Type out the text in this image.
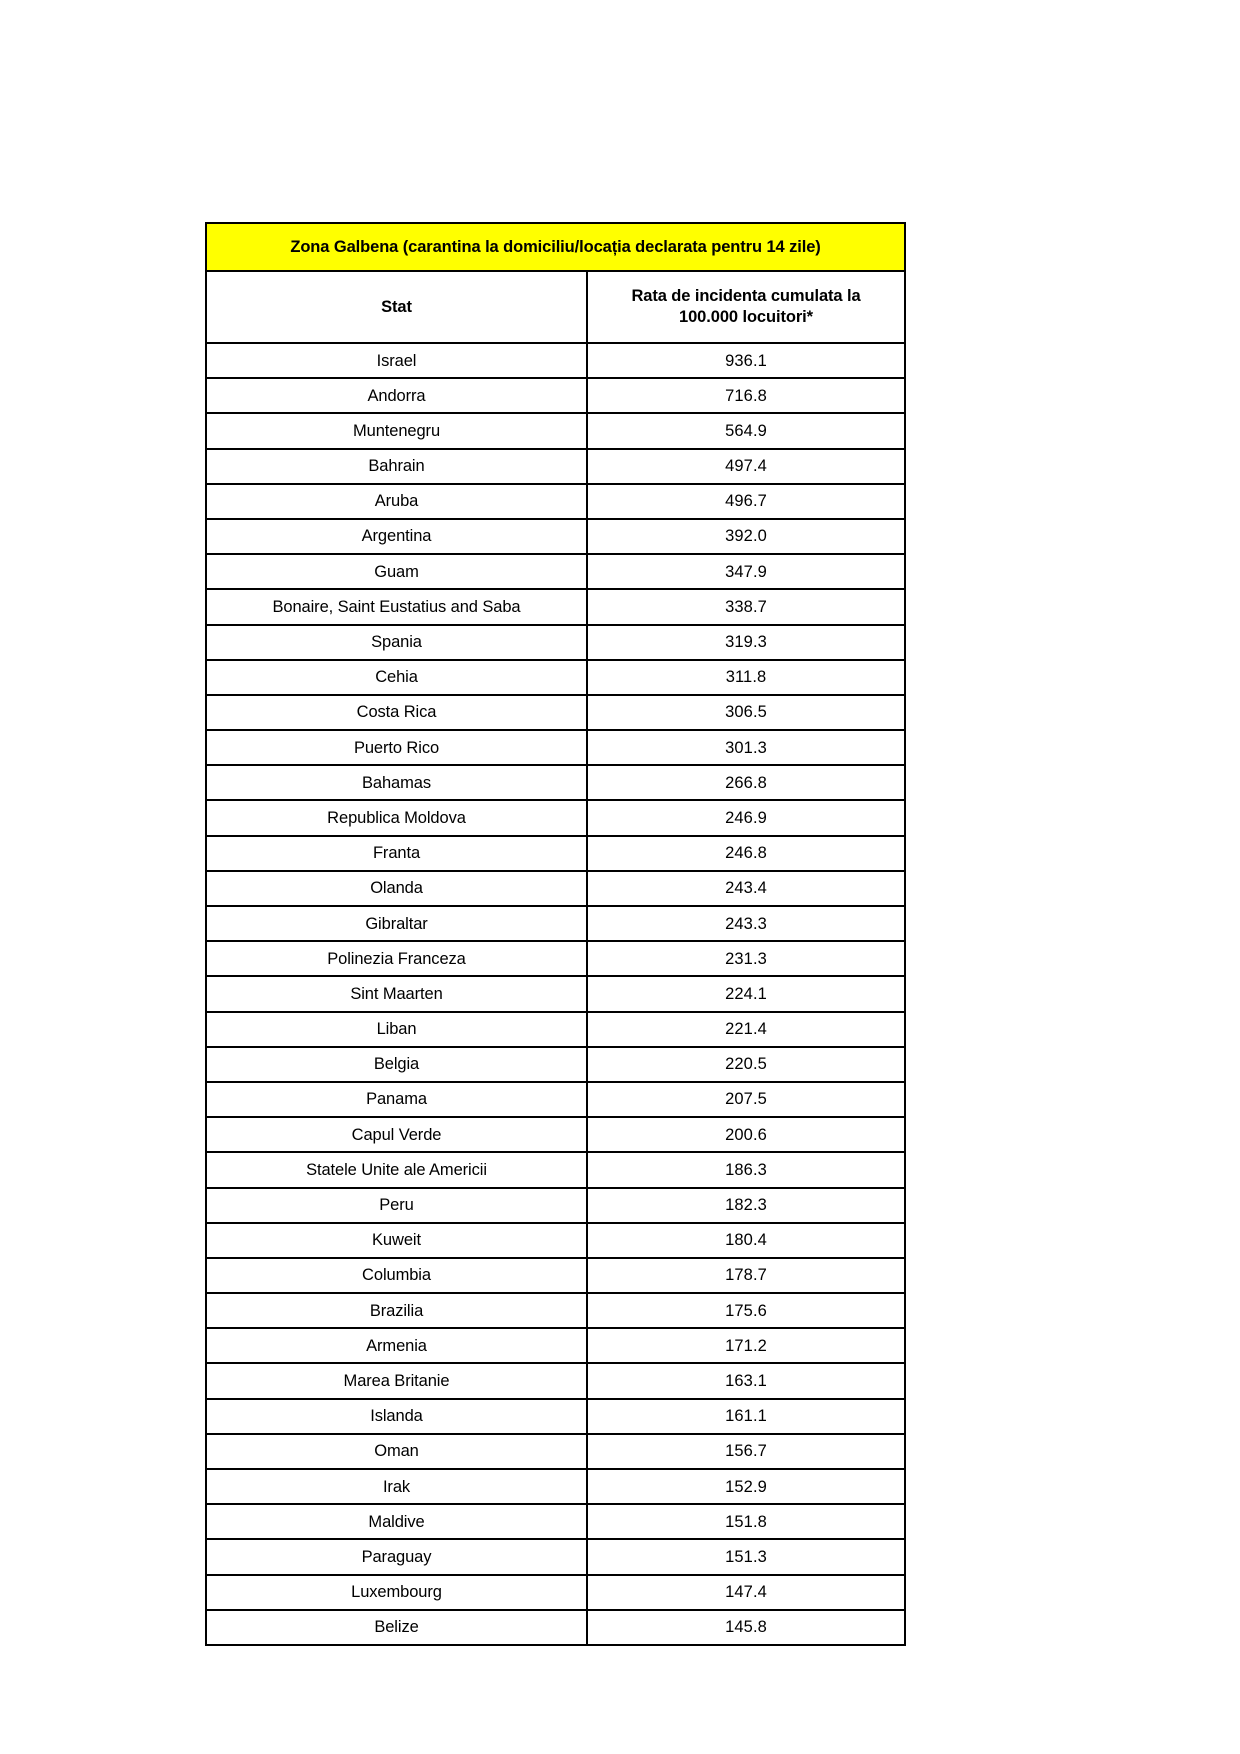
Zona Galbena (carantina la domiciliu/locația declarata pentru 14 zile)	
Stat	Rata de incidenta cumulata la
100.000 locuitori*
Israel	936.1
Andorra	716.8
Muntenegru	564.9
Bahrain	497.4
Aruba	496.7
Argentina	392.0
Guam	347.9
Bonaire, Saint Eustatius and Saba	338.7
Spania	319.3
Cehia	311.8
Costa Rica	306.5
Puerto Rico	301.3
Bahamas	266.8
Republica Moldova	246.9
Franta	246.8
Olanda	243.4
Gibraltar	243.3
Polinezia Franceza	231.3
Sint Maarten	224.1
Liban	221.4
Belgia	220.5
Panama	207.5
Capul Verde	200.6
Statele Unite ale Americii	186.3
Peru	182.3
Kuweit	180.4
Columbia	178.7
Brazilia	175.6
Armenia	171.2
Marea Britanie	163.1
Islanda	161.1
Oman	156.7
Irak	152.9
Maldive	151.8
Paraguay	151.3
Luxembourg	147.4
Belize	145.8
